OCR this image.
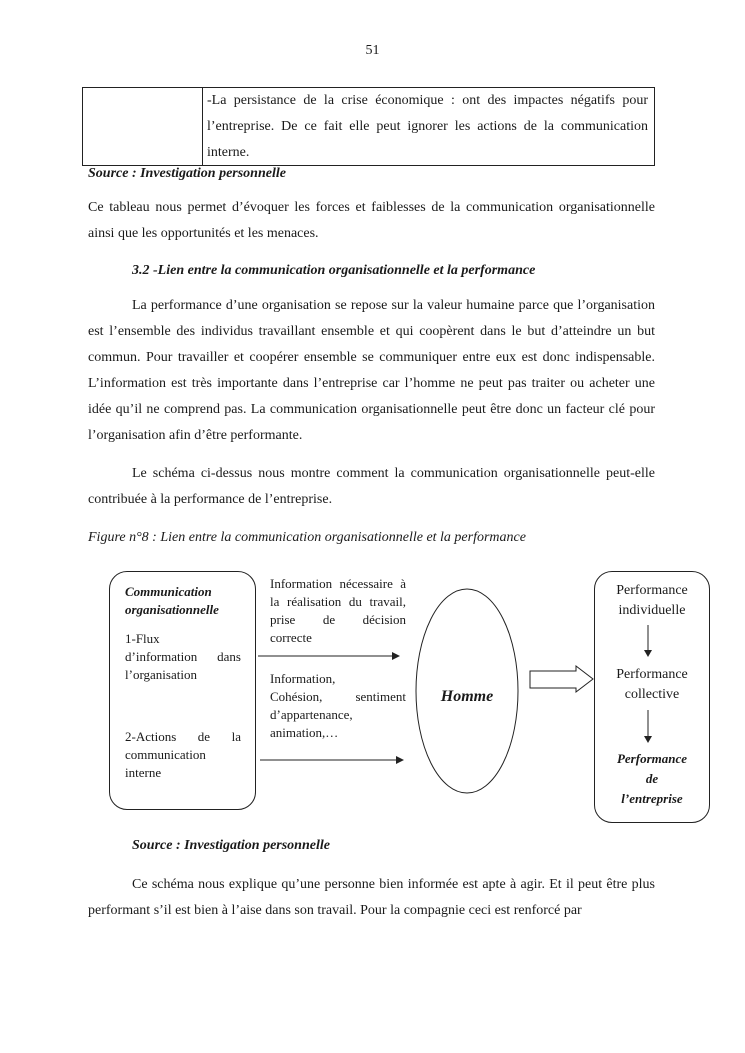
51
-La persistance de la crise économique : ont des impactes négatifs pour l’entreprise. De ce fait elle peut ignorer les actions de la communication interne.
Source : Investigation personnelle
Ce tableau nous permet d’évoquer les forces et faiblesses de la communication organisationnelle ainsi que les opportunités et les menaces.
3.2 -Lien entre la communication organisationnelle et la performance
La performance d’une organisation se repose sur la valeur humaine parce que l’organisation est l’ensemble des individus travaillant ensemble et qui coopèrent dans le but d’atteindre un but commun. Pour travailler et coopérer ensemble se communiquer entre eux est donc indispensable. L’information est très importante dans l’entreprise car l’homme ne peut pas traiter ou acheter une idée qu’il ne comprend pas. La communication organisationnelle peut être donc un facteur clé pour l’organisation afin d’être performante.
Le schéma ci-dessus nous montre comment la communication organisationnelle peut-elle contribuée à la performance de l’entreprise.
Figure n°8 : Lien entre la communication organisationnelle et la performance
Communication
organisationnelle
1-Flux
d’information dans
l’organisation
2-Actions de la
communication
interne
Information nécessaire à
la réalisation du travail,
prise de décision
correcte
Information,
Cohésion, sentiment
d’appartenance,
animation,…
Homme
Performance
individuelle
Performance
collective
Performance
de
l’entreprise
Source : Investigation personnelle
Ce schéma nous explique qu’une personne bien informée est apte à agir. Et il peut être plus performant s’il est bien à l’aise dans son travail. Pour la compagnie ceci est renforcé par
